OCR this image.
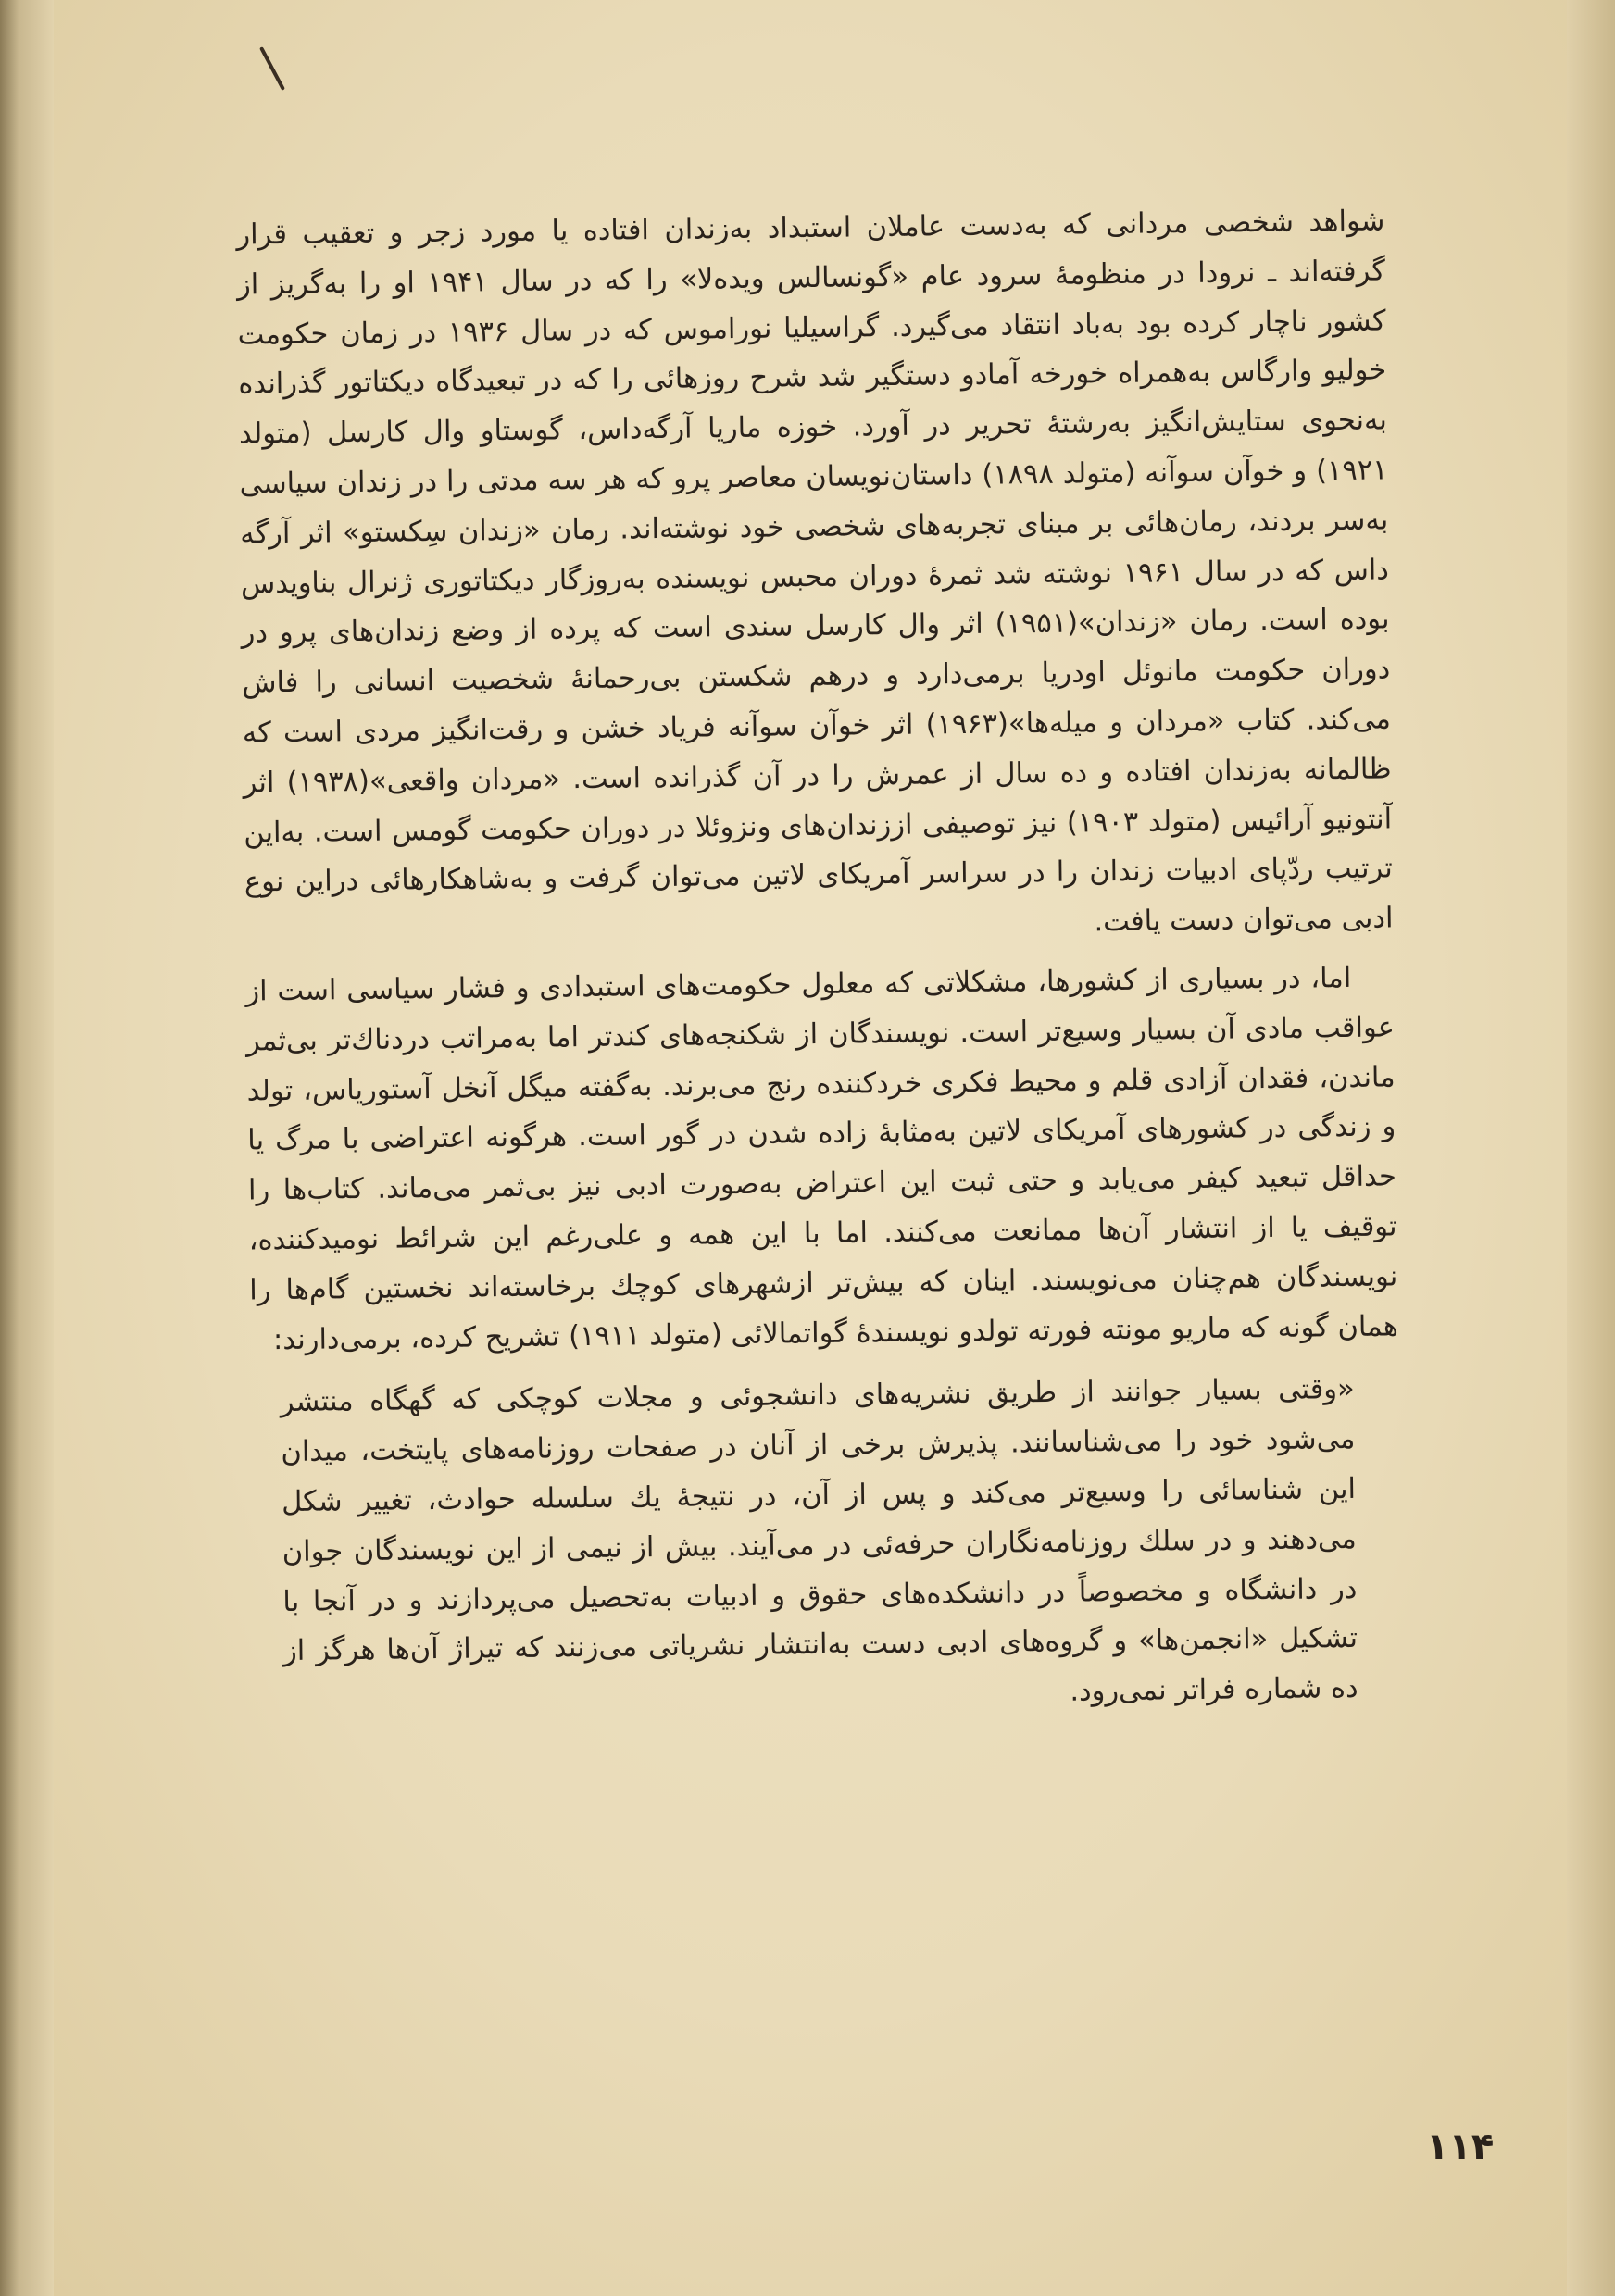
شواهد شخصی مردانی که به‌دست عاملان استبداد به‌زندان افتاده یا مورد زجر و تعقیب قرار گرفته‌اند ـ نرودا در منظومهٔ سرود عام «گونسالس ویده‌لا» را که در سال ۱۹۴۱ او را به‌گریز از کشور ناچار کرده بود به‌باد انتقاد می‌گیرد. گراسیلیا نوراموس که در سال ۱۹۳۶ در زمان حکومت خولیو وارگاس به‌همراه خورخه آمادو دستگیر شد شرح روزهائی را که در تبعیدگاه دیکتاتور گذرانده به‌نحوی ستایش‌انگیز به‌رشتهٔ تحریر در آورد. خوزه ماریا آرگه‌داس، گوستاو وال کارسل (متولد ۱۹۲۱) و خوآن سوآنه (متولد ۱۸۹۸) داستان‌نویسان معاصر پرو که هر سه مدتی را در زندان سیاسی به‌سر بردند، رمان‌هائی بر مبنای تجربه‌های شخصی خود نوشته‌اند. رمان «زندان سِکستو» اثر آرگه داس که در سال ۱۹۶۱ نوشته شد ثمرهٔ دوران محبس نویسنده به‌روزگار دیکتاتوری ژنرال بناویدس بوده است. رمان «زندان»(۱۹۵۱) اثر وال کارسل سندی است که پرده از وضع زندان‌های پرو در دوران حکومت مانوئل اودریا برمی‌دارد و درهم شکستن بی‌رحمانهٔ شخصیت انسانی را فاش می‌کند. کتاب «مردان و میله‌ها»(۱۹۶۳) اثر خوآن سوآنه فریاد خشن و رقت‌انگیز مردی است که ظالمانه به‌زندان افتاده و ده سال از عمرش را در آن گذرانده است. «مردان واقعی»(۱۹۳۸) اثر آنتونیو آرائیس (متولد ۱۹۰۳) نیز توصیفی اززندان‌های ونزوئلا در دوران حکومت گومس است. به‌این ترتیب ردّپای ادبیات زندان را در سراسر آمریکای لاتین می‌توان گرفت و به‌شاهکارهائی دراین نوع ادبی می‌توان دست یافت.

اما، در بسیاری از کشورها، مشکلاتی که معلول حکومت‌های استبدادی و فشار سیاسی است از عواقب مادی آن بسیار وسیع‌تر است. نویسندگان از شکنجه‌های کندتر اما به‌مراتب دردناك‌تر بی‌ثمر ماندن، فقدان آزادی قلم و محیط فکری خردکننده رنج می‌برند. به‌گفته میگل آنخل آستوریاس، تولد و زندگی در کشورهای آمریکای لاتین به‌مثابهٔ زاده شدن در گور است. هرگونه اعتراضی با مرگ یا حداقل تبعید کیفر می‌یابد و حتی ثبت این اعتراض به‌صورت ادبی نیز بی‌ثمر می‌ماند. کتاب‌ها را توقیف یا از انتشار آن‌ها ممانعت می‌کنند. اما با این همه و علی‌رغم این شرائط نومیدکننده، نویسندگان هم‌چنان می‌نویسند. اینان که بیش‌تر ازشهرهای کوچك برخاسته‌اند نخستین گام‌ها را همان گونه که ماریو مونته فورته تولدو نویسندهٔ گواتمالائی (متولد ۱۹۱۱) تشریح کرده، برمی‌دارند:

«وقتی بسیار جوانند از طریق نشریه‌های دانشجوئی و مجلات کوچکی که گهگاه منتشر می‌شود خود را می‌شناسانند. پذیرش برخی از آنان در صفحات روزنامه‌های پایتخت، میدان این شناسائی را وسیع‌تر می‌کند و پس از آن، در نتیجهٔ یك سلسله حوادث، تغییر شکل می‌دهند و در سلك روزنامه‌نگاران حرفه‌ئی در می‌آیند. بیش از نیمی از این نویسندگان جوان در دانشگاه و مخصوصاً در دانشکده‌های حقوق و ادبیات به‌تحصیل می‌پردازند و در آنجا با تشکیل «انجمن‌ها» و گروه‌های ادبی دست به‌انتشار نشریاتی می‌زنند که تیراژ آن‌ها هرگز از ده شماره فراتر نمی‌رود.

۱۱۴
